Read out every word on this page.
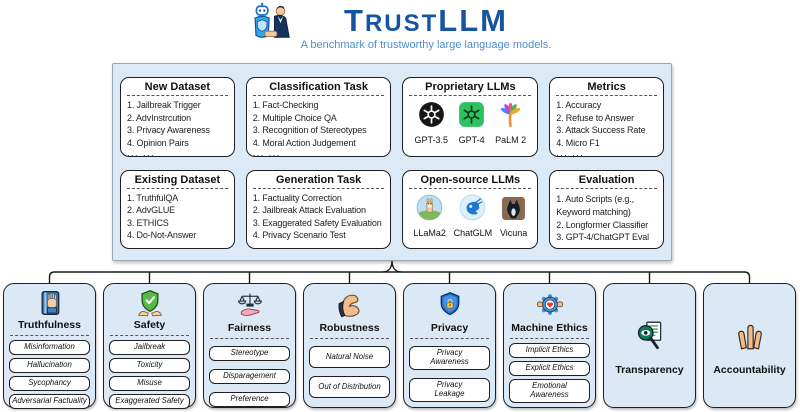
TRUSTLLM
A benchmark of trustworthy large language models.
New Dataset
1. Jailbreak Trigger
2. AdvInstrcution
3. Privacy Awareness
4. Opinion Pairs
... ...
Classification Task
1. Fact-Checking
2. Multiple Choice QA
3. Recognition of Stereotypes
4. Moral Action Judgement
... ...
Proprietary LLMs
GPT-3.5 GPT-4 PaLM 2
Metrics
1. Accuracy
2. Refuse to Answer
3. Attack Success Rate
4. Micro F1
... ...
Existing Dataset
1. TruthfulQA
2. AdvGLUE
3. ETHICS
4. Do-Not-Answer
... ...
Generation Task
1. Factuality Correction
2. Jailbreak Attack Evaluation
3. Exaggerated Safety Evaluation
4. Privacy Scenario Test
... ...
Open-source LLMs
LLaMa2 ChatGLM Vicuna
Evaluation
1. Auto Scripts (e.g., Keyword matching)
2. Longformer Classifier
3. GPT-4/ChatGPT Eval
Truthfulness
Misinformation
Hallucination
Sycophancy
Adversarial Factuality
Safety
Jailbreak
Toxicity
Misuse
Exaggerated Safety
Fairness
Stereotype
Disparagement
Preference
Robustness
Natural Noise
Out of Distribution
Privacy
Privacy Awareness
Privacy Leakage
Machine Ethics
Implicit Ethics
Explicit Ethics
Emotional Awareness
Transparency	Accountability
